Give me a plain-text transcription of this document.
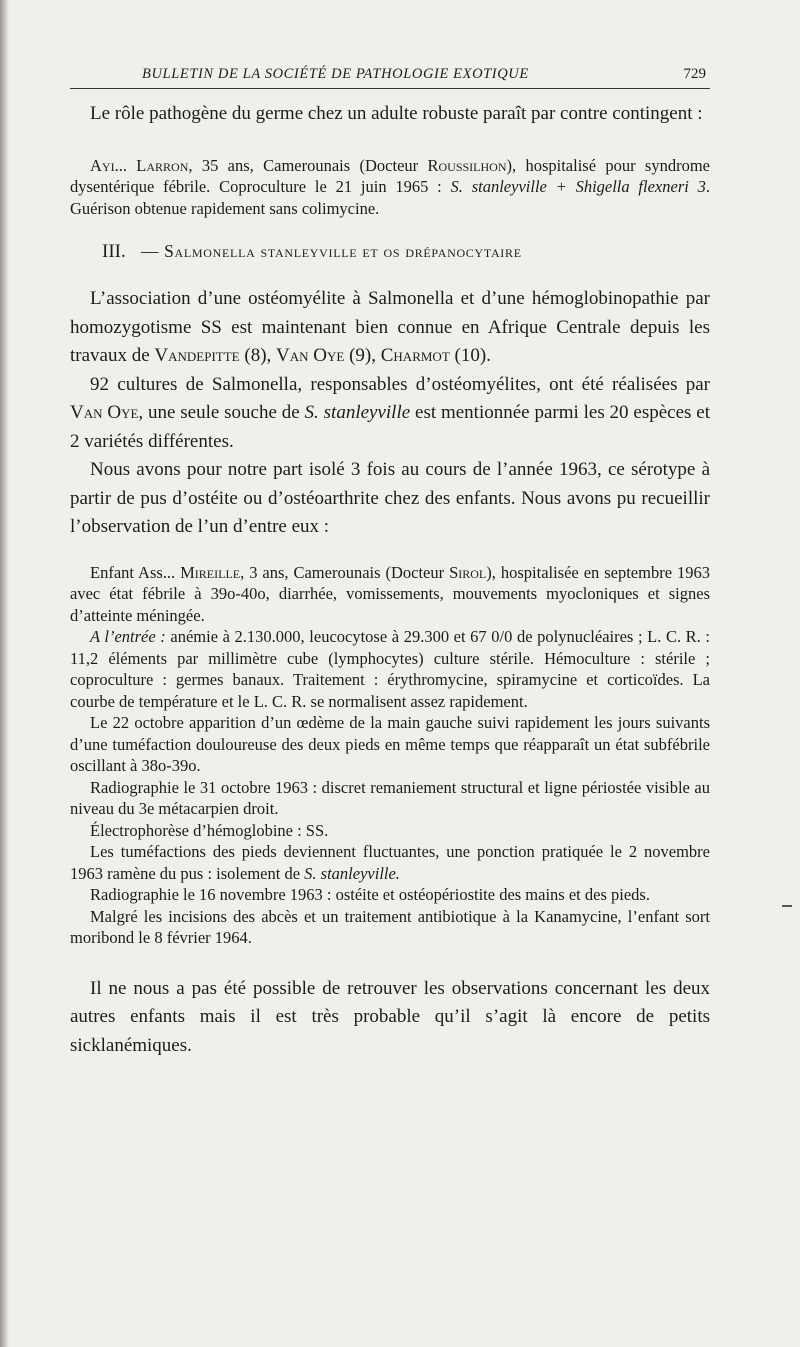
BULLETIN DE LA SOCIÉTÉ DE PATHOLOGIE EXOTIQUE	729

Le rôle pathogène du germe chez un adulte robuste paraît par contre contingent :

Ayi... Larron, 35 ans, Camerounais (Docteur Roussilhon), hospitalisé pour syndrome dysentérique fébrile. Coproculture le 21 juin 1965 : S. stanleyville + Shigella flexneri 3. Guérison obtenue rapidement sans colimycine.

III. — Salmonella stanleyville et os drépanocytaire

L’association d’une ostéomyélite à Salmonella et d’une hémoglobinopathie par homozygotisme SS est maintenant bien connue en Afrique Centrale depuis les travaux de Vandepitte (8), Van Oye (9), Charmot (10).

92 cultures de Salmonella, responsables d’ostéomyélites, ont été réalisées par Van Oye, une seule souche de S. stanleyville est mentionnée parmi les 20 espèces et 2 variétés différentes.

Nous avons pour notre part isolé 3 fois au cours de l’année 1963, ce sérotype à partir de pus d’ostéite ou d’ostéoarthrite chez des enfants. Nous avons pu recueillir l’observation de l’un d’entre eux :

Enfant Ass... Mireille, 3 ans, Camerounais (Docteur Sirol), hospitalisée en septembre 1963 avec état fébrile à 39o-40o, diarrhée, vomissements, mouvements myocloniques et signes d’atteinte méningée.

A l’entrée : anémie à 2.130.000, leucocytose à 29.300 et 67 0/0 de polynucléaires ; L. C. R. : 11,2 éléments par millimètre cube (lymphocytes) culture stérile. Hémoculture : stérile ; coproculture : germes banaux. Traitement : érythromycine, spiramycine et corticoïdes. La courbe de température et le L. C. R. se normalisent assez rapidement.

Le 22 octobre apparition d’un œdème de la main gauche suivi rapidement les jours suivants d’une tuméfaction douloureuse des deux pieds en même temps que réapparaît un état subfébrile oscillant à 38o-39o.

Radiographie le 31 octobre 1963 : discret remaniement structural et ligne périostée visible au niveau du 3e métacarpien droit.

Électrophorèse d’hémoglobine : SS.

Les tuméfactions des pieds deviennent fluctuantes, une ponction pratiquée le 2 novembre 1963 ramène du pus : isolement de S. stanleyville.

Radiographie le 16 novembre 1963 : ostéite et ostéopériostite des mains et des pieds.

Malgré les incisions des abcès et un traitement antibiotique à la Kanamycine, l’enfant sort moribond le 8 février 1964.

Il ne nous a pas été possible de retrouver les observations concernant les deux autres enfants mais il est très probable qu’il s’agit là encore de petits sicklanémiques.
